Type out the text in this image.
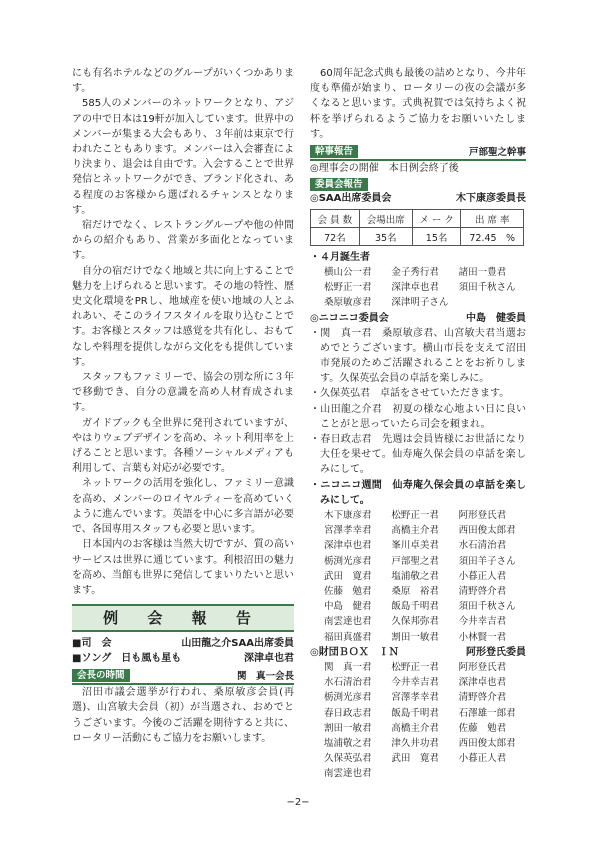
にも有名ホテルなどのグループがいくつかあります。

585人のメンバーのネットワークとなり、アジアの中で日本は19軒が加入しています。世界中のメンバーが集まる大会もあり、３年前は東京で行われたこともあります。メンバーは入会審査により決まり、退会は自由です。入会することで世界発信とネットワークができ、ブランド化され、ある程度のお客様から選ばれるチャンスとなります。

宿だけでなく、レストラングループや他の仲間からの紹介もあり、営業が多面化となっています。

自分の宿だけでなく地域と共に向上することで魅力を上げられると思います。その地の特性、歴史文化環境をPRし、地域産を使い地域の人とふれあい、そこのライフスタイルを取り込むことです。お客様とスタッフは感覚を共有化し、おもてなしや料理を提供しながら文化をも提供しています。

スタッフもファミリーで、協会の別な所に３年で移動でき、自分の意識を高め人材育成されます。

ガイドブックも全世界に発刊されていますが、やはりウェブデザインを高め、ネット利用率を上げることと思います。各種ソーシャルメディアも利用して、言葉も対応が必要です。

ネットワークの活用を強化し、ファミリー意識を高め、メンバーのロイヤルティーを高めていくように進んでいます。英語を中心に多言語が必要で、各国専用スタッフも必要と思います。

日本国内のお客様は当然大切ですが、質の高いサービスは世界に通じています。利根沼田の魅力を高め、当館も世界に発信してまいりたいと思います。

例 会 報 告
■司　会	山田龍之介SAA出席委員
■ソング　日も風も星も	深津卓也君
会長の時間	関　真一会長

沼田市議会選挙が行われ、桑原敏彦会員(再選)、山宮敏夫会員（初）が当選され、おめでとうございます。今後のご活躍を期待すると共に、ロータリー活動にもご協力をお願いします。

60周年記念式典も最後の詰めとなり、今井年度も準備が始まり、ロータリーの夜の会議が多くなると思います。式典祝賀では気持ちよく祝杯を挙げられるようご協力をお願いいたします。

幹事報告	戸部聖之幹事
◎理事会の開催　本日例会終了後
委員会報告
◎SAA出席委員会	木下康彦委員長
会 員 数	会場出席	メ ー ク	出 席 率
72名	35名	15名	72.45　%
・４月誕生者
横山公一君	金子秀行君	諸田一豊君
松野正一君	深津卓也君	須田千秋さん
桑原敏彦君	深津明子さん
◎ニコニコ委員会	中島　健委員

・関　真一君　桑原敏彦君、山宮敏夫君当選おめでとうございます。横山市長を支えて沼田市発展のためご活躍されることをお祈りします。久保英弘会員の卓話を楽しみに。

・久保英弘君　卓話をさせていただきます。

・山田龍之介君　初夏の様な心地よい日に良いことがと思っていたら司会を頼まれ。

・春日政志君　先週は会員皆様にお世話になり大任を果せて。仙寿庵久保会員の卓話を楽しみにして。

・ニコニコ週間　仙寿庵久保会員の卓話を楽しみにして。

木下康彦君	松野正一君	阿形登氏君
宮澤孝幸君	高橋主介君	西田俊太郎君
深津卓也君	峯川卓美君	水石清治君
栃渕光彦君	戸部聖之君	須田羊子さん
武田　寛君	塩浦敬之君	小暮正人君
佐藤　勉君	桑原　裕君	清野啓介君
中島　健君	飯島千明君	須田千秋さん
南雲達也君	久保邦弥君	今井幸吉君
福田真盛君	割田一敏君	小林賢一君
◎財団ＢＯＸ　ＩＮ	阿形登氏委員
関　真一君	松野正一君	阿形登氏君
水石清治君	今井幸吉君	深津卓也君
栃渕光彦君	宮澤孝幸君	清野啓介君
春日政志君	飯島千明君	石澤雄一郎君
割田一敏君	高橋主介君	佐藤　勉君
塩浦敬之君	津久井功君	西田俊太郎君
久保英弘君	武田　寛君	小暮正人君
南雲達也君
−2−
